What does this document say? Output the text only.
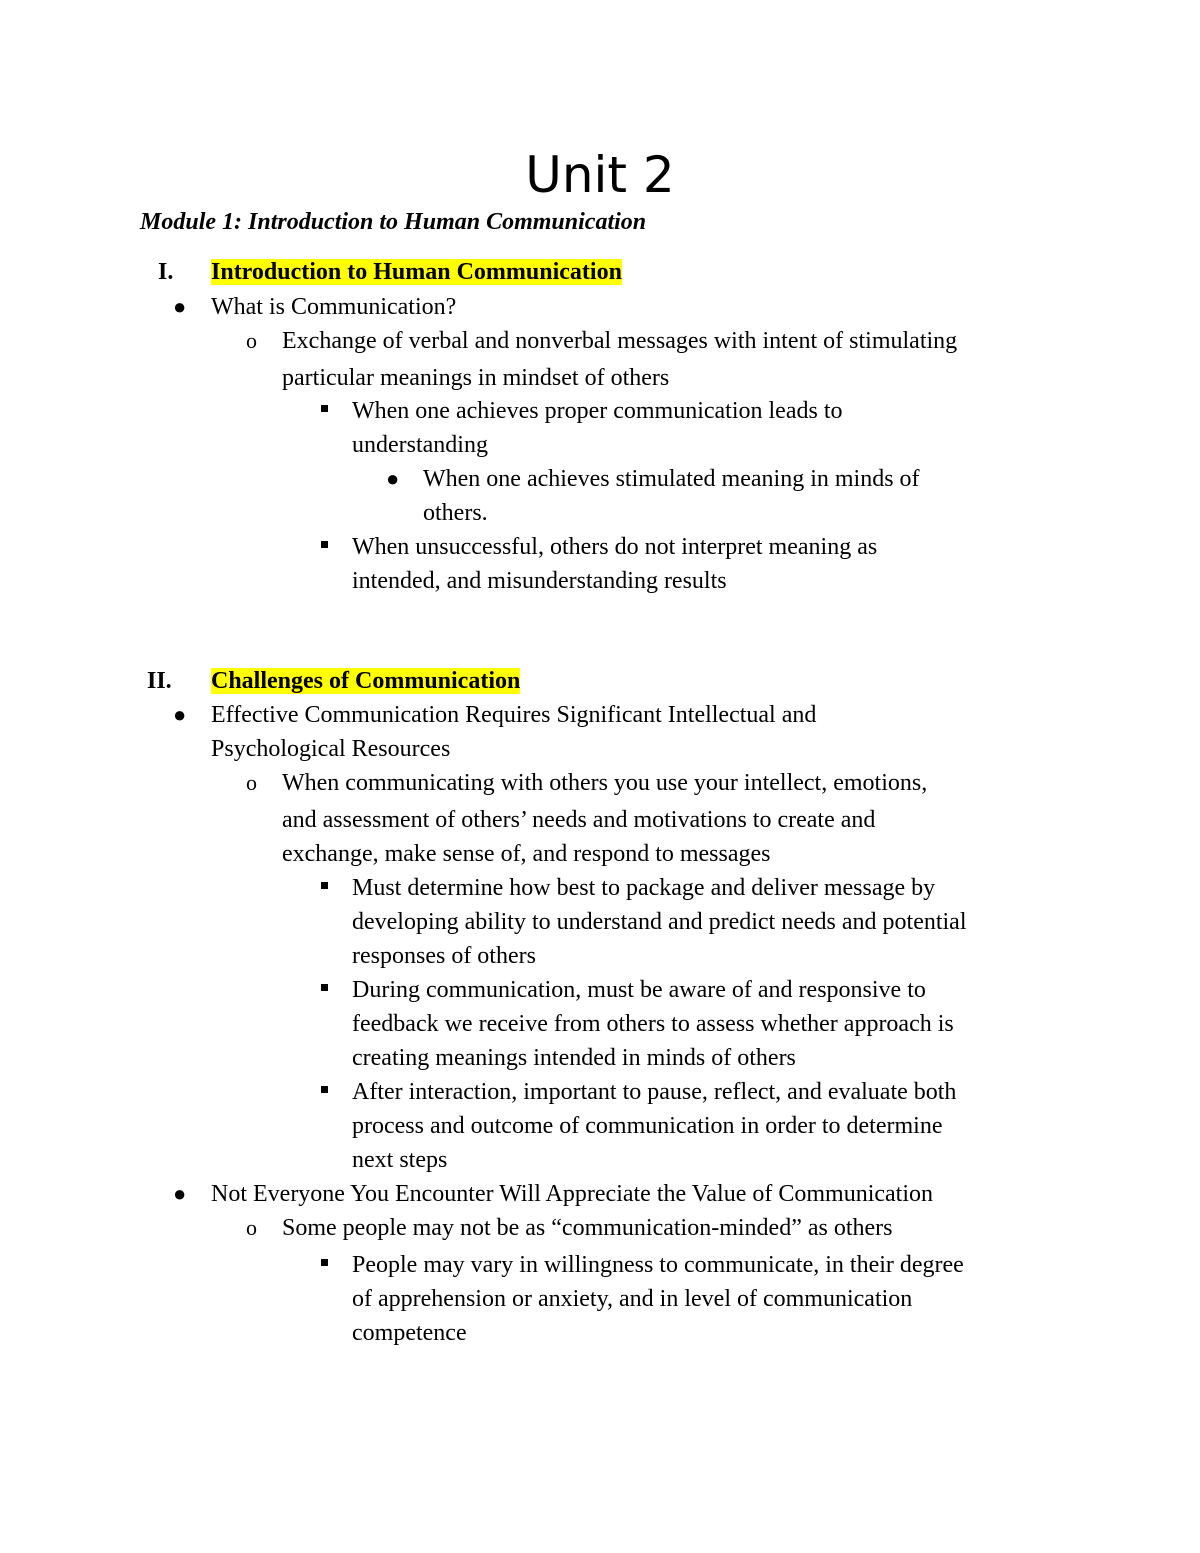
Unit 2
Module 1: Introduction to Human Communication
I. Introduction to Human Communication
● What is Communication?
o Exchange of verbal and nonverbal messages with intent of stimulating
particular meanings in mindset of others
When one achieves proper communication leads to
understanding
● When one achieves stimulated meaning in minds of
others.
When unsuccessful, others do not interpret meaning as
intended, and misunderstanding results
II. Challenges of Communication
● Effective Communication Requires Significant Intellectual and
Psychological Resources
o When communicating with others you use your intellect, emotions,
and assessment of others’ needs and motivations to create and
exchange, make sense of, and respond to messages
Must determine how best to package and deliver message by
developing ability to understand and predict needs and potential
responses of others
During communication, must be aware of and responsive to
feedback we receive from others to assess whether approach is
creating meanings intended in minds of others
After interaction, important to pause, reflect, and evaluate both
process and outcome of communication in order to determine
next steps
● Not Everyone You Encounter Will Appreciate the Value of Communication
o Some people may not be as “communication-minded” as others
People may vary in willingness to communicate, in their degree
of apprehension or anxiety, and in level of communication
competence
